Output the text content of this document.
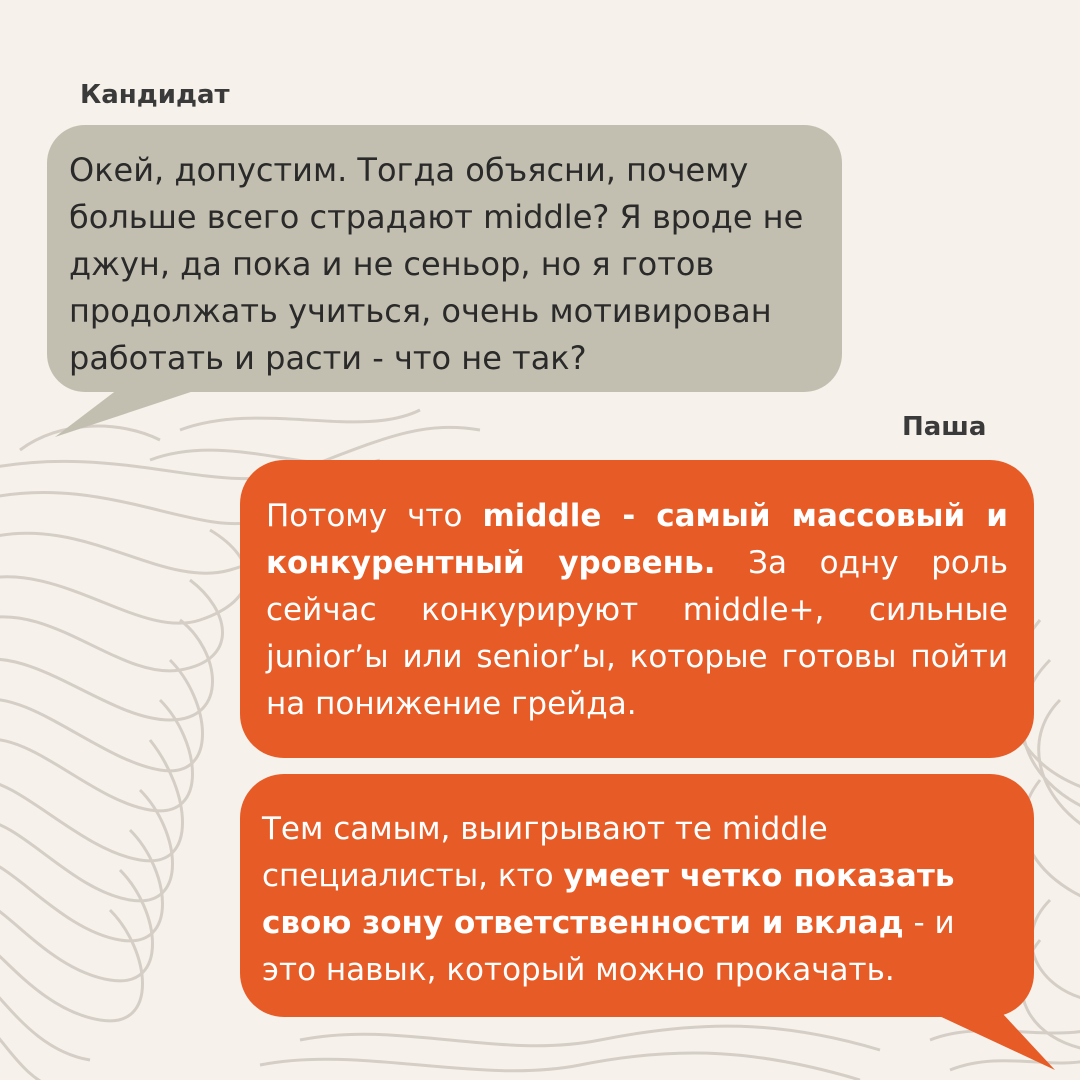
Кандидат

Окей, допустим. Тогда объясни, почему больше всего страдают middle? Я вроде не джун, да пока и не сеньор, но я готов продолжать учиться, очень мотивирован работать и расти - что не так?

Паша

Потому что middle - самый массовый и конкурентный уровень. За одну роль сейчас конкурируют middle+, сильные junior’ы или senior’ы, которые готовы пойти на понижение грейда.

Тем самым, выигрывают те middle специалисты, кто умеет четко показать свою зону ответственности и вклад - и это навык, который можно прокачать.
